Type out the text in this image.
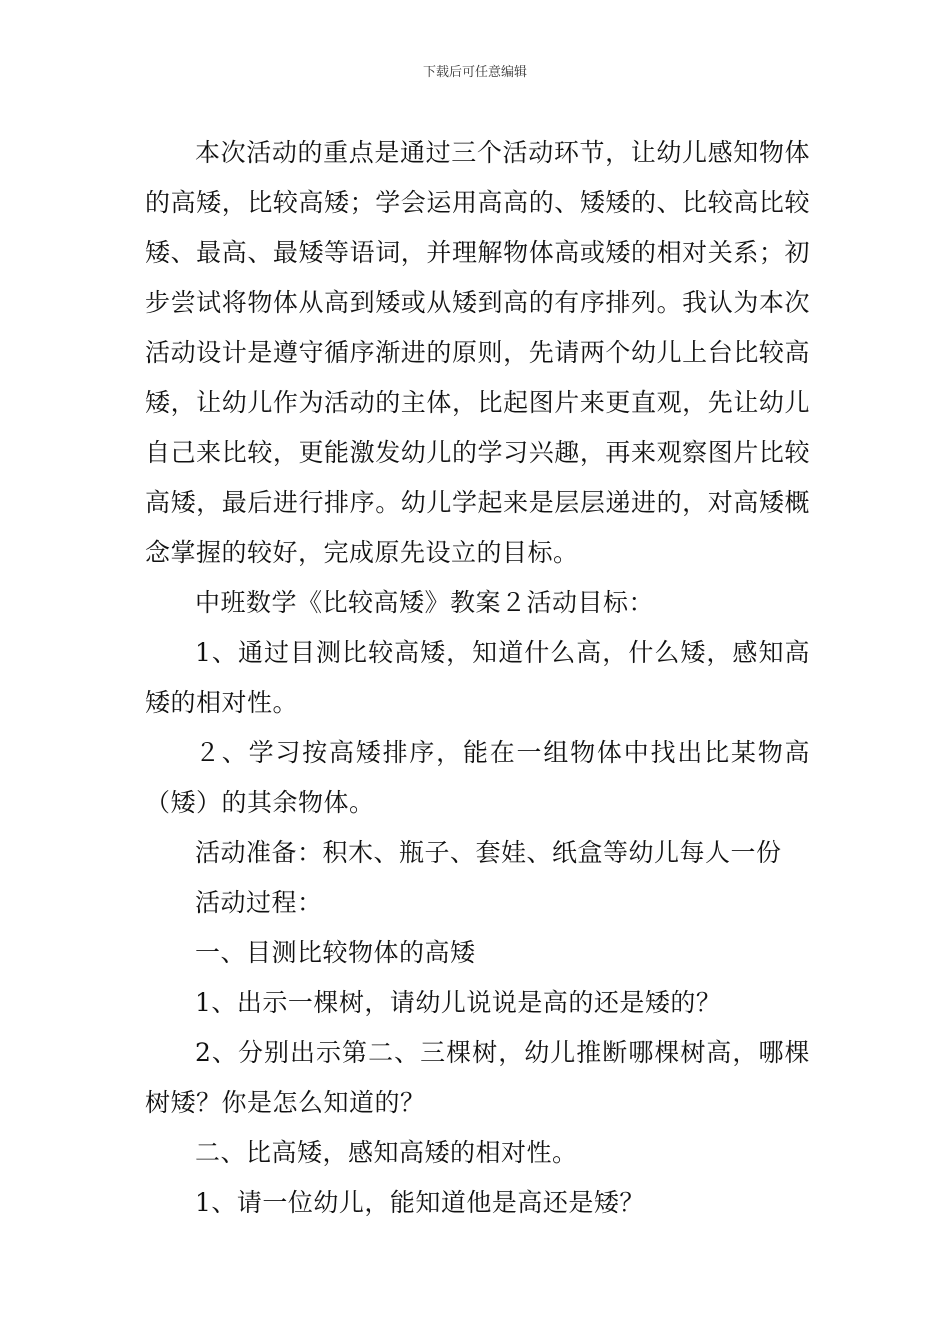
下载后可任意编辑

本次活动的重点是通过三个活动环节，让幼儿感知物体的高矮，比较高矮；学会运用高高的、矮矮的、比较高比较矮、最高、最矮等语词，并理解物体高或矮的相对关系；初步尝试将物体从高到矮或从矮到高的有序排列。我认为本次活动设计是遵守循序渐进的原则，先请两个幼儿上台比较高矮，让幼儿作为活动的主体，比起图片来更直观，先让幼儿自己来比较，更能激发幼儿的学习兴趣，再来观察图片比较高矮，最后进行排序。幼儿学起来是层层递进的，对高矮概念掌握的较好，完成原先设立的目标。

中班数学《比较高矮》教案２活动目标：

1、通过目测比较高矮，知道什么高，什么矮，感知高矮的相对性。

２、学习按高矮排序，能在一组物体中找出比某物高（矮）的其余物体。

活动准备：积木、瓶子、套娃、纸盒等幼儿每人一份

活动过程：

一、目测比较物体的高矮

1、出示一棵树，请幼儿说说是高的还是矮的？

2、分别出示第二、三棵树，幼儿推断哪棵树高，哪棵树矮？你是怎么知道的？

二、比高矮，感知高矮的相对性。

1、请一位幼儿，能知道他是高还是矮？
